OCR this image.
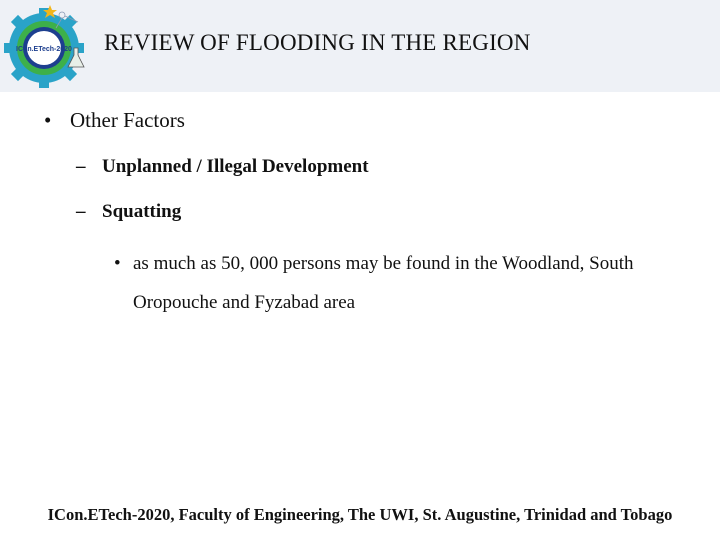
ICon.ETech-2020 REVIEW OF FLOODING IN THE REGION
• Other Factors
– Unplanned / Illegal Development
– Squatting
• as much as 50, 000 persons may be found in the Woodland, South Oropouche and Fyzabad area
ICon.ETech-2020, Faculty of Engineering, The UWI, St. Augustine, Trinidad and Tobago
